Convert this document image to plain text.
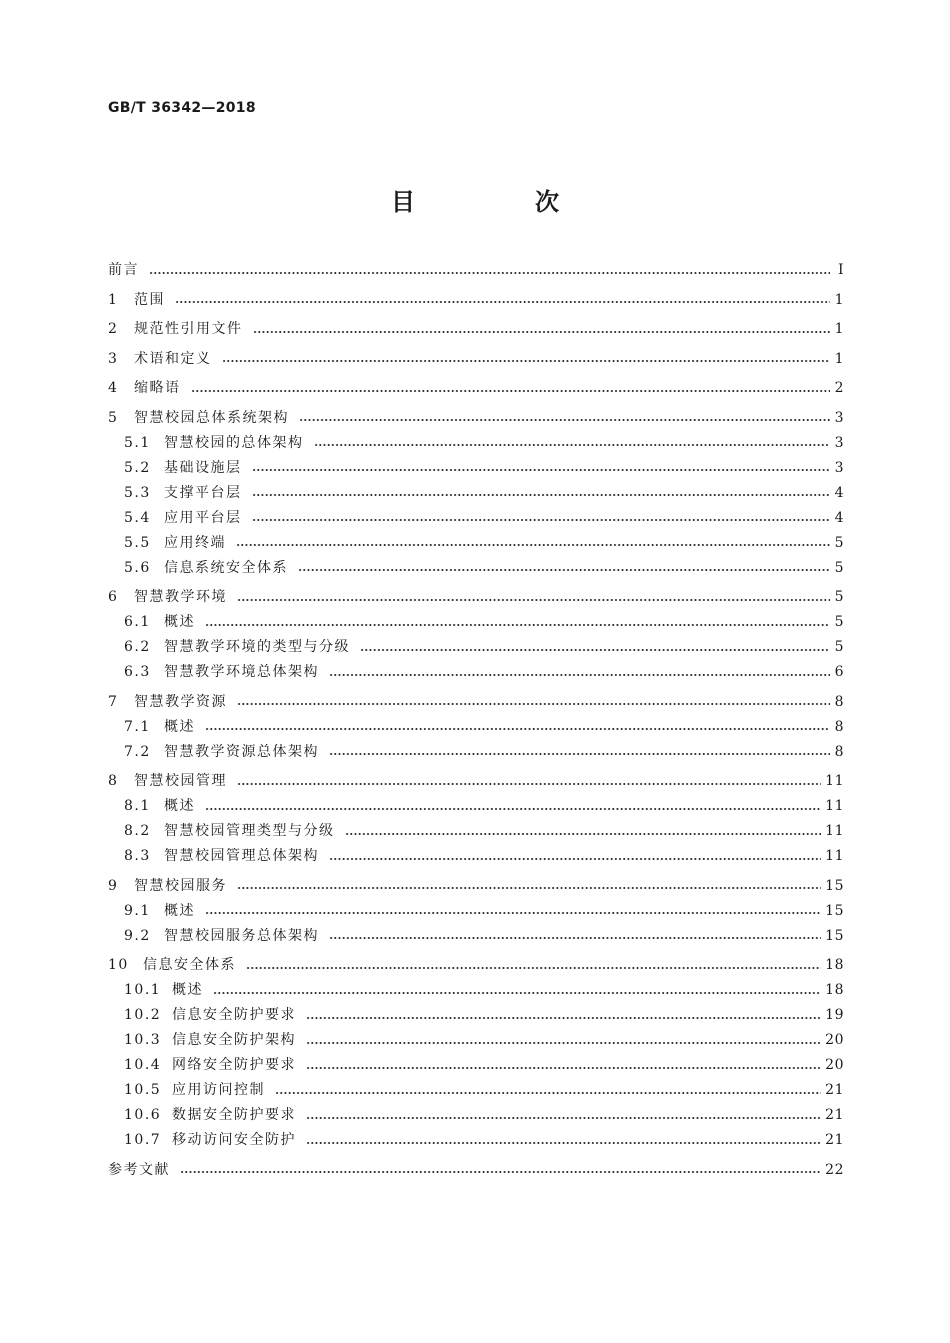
GB/T 36342—2018
目　次
前言	Ⅰ
1	范围	1
2	规范性引用文件	1
3	术语和定义	1
4	缩略语	2
5	智慧校园总体系统架构	3
5.1 智慧校园的总体架构	3
5.2 基础设施层	3
5.3 支撑平台层	4
5.4 应用平台层	4
5.5 应用终端	5
5.6 信息系统安全体系	5
6	智慧教学环境	5
6.1 概述	5
6.2 智慧教学环境的类型与分级	5
6.3 智慧教学环境总体架构	6
7	智慧教学资源	8
7.1 概述	8
7.2 智慧教学资源总体架构	8
8	智慧校园管理	11
8.1 概述	11
8.2 智慧校园管理类型与分级	11
8.3 智慧校园管理总体架构	11
9	智慧校园服务	15
9.1 概述	15
9.2 智慧校园服务总体架构	15
10	信息安全体系	18
10.1 概述	18
10.2 信息安全防护要求	19
10.3 信息安全防护架构	20
10.4 网络安全防护要求	20
10.5 应用访问控制	21
10.6 数据安全防护要求	21
10.7 移动访问安全防护	21
参考文献	22
